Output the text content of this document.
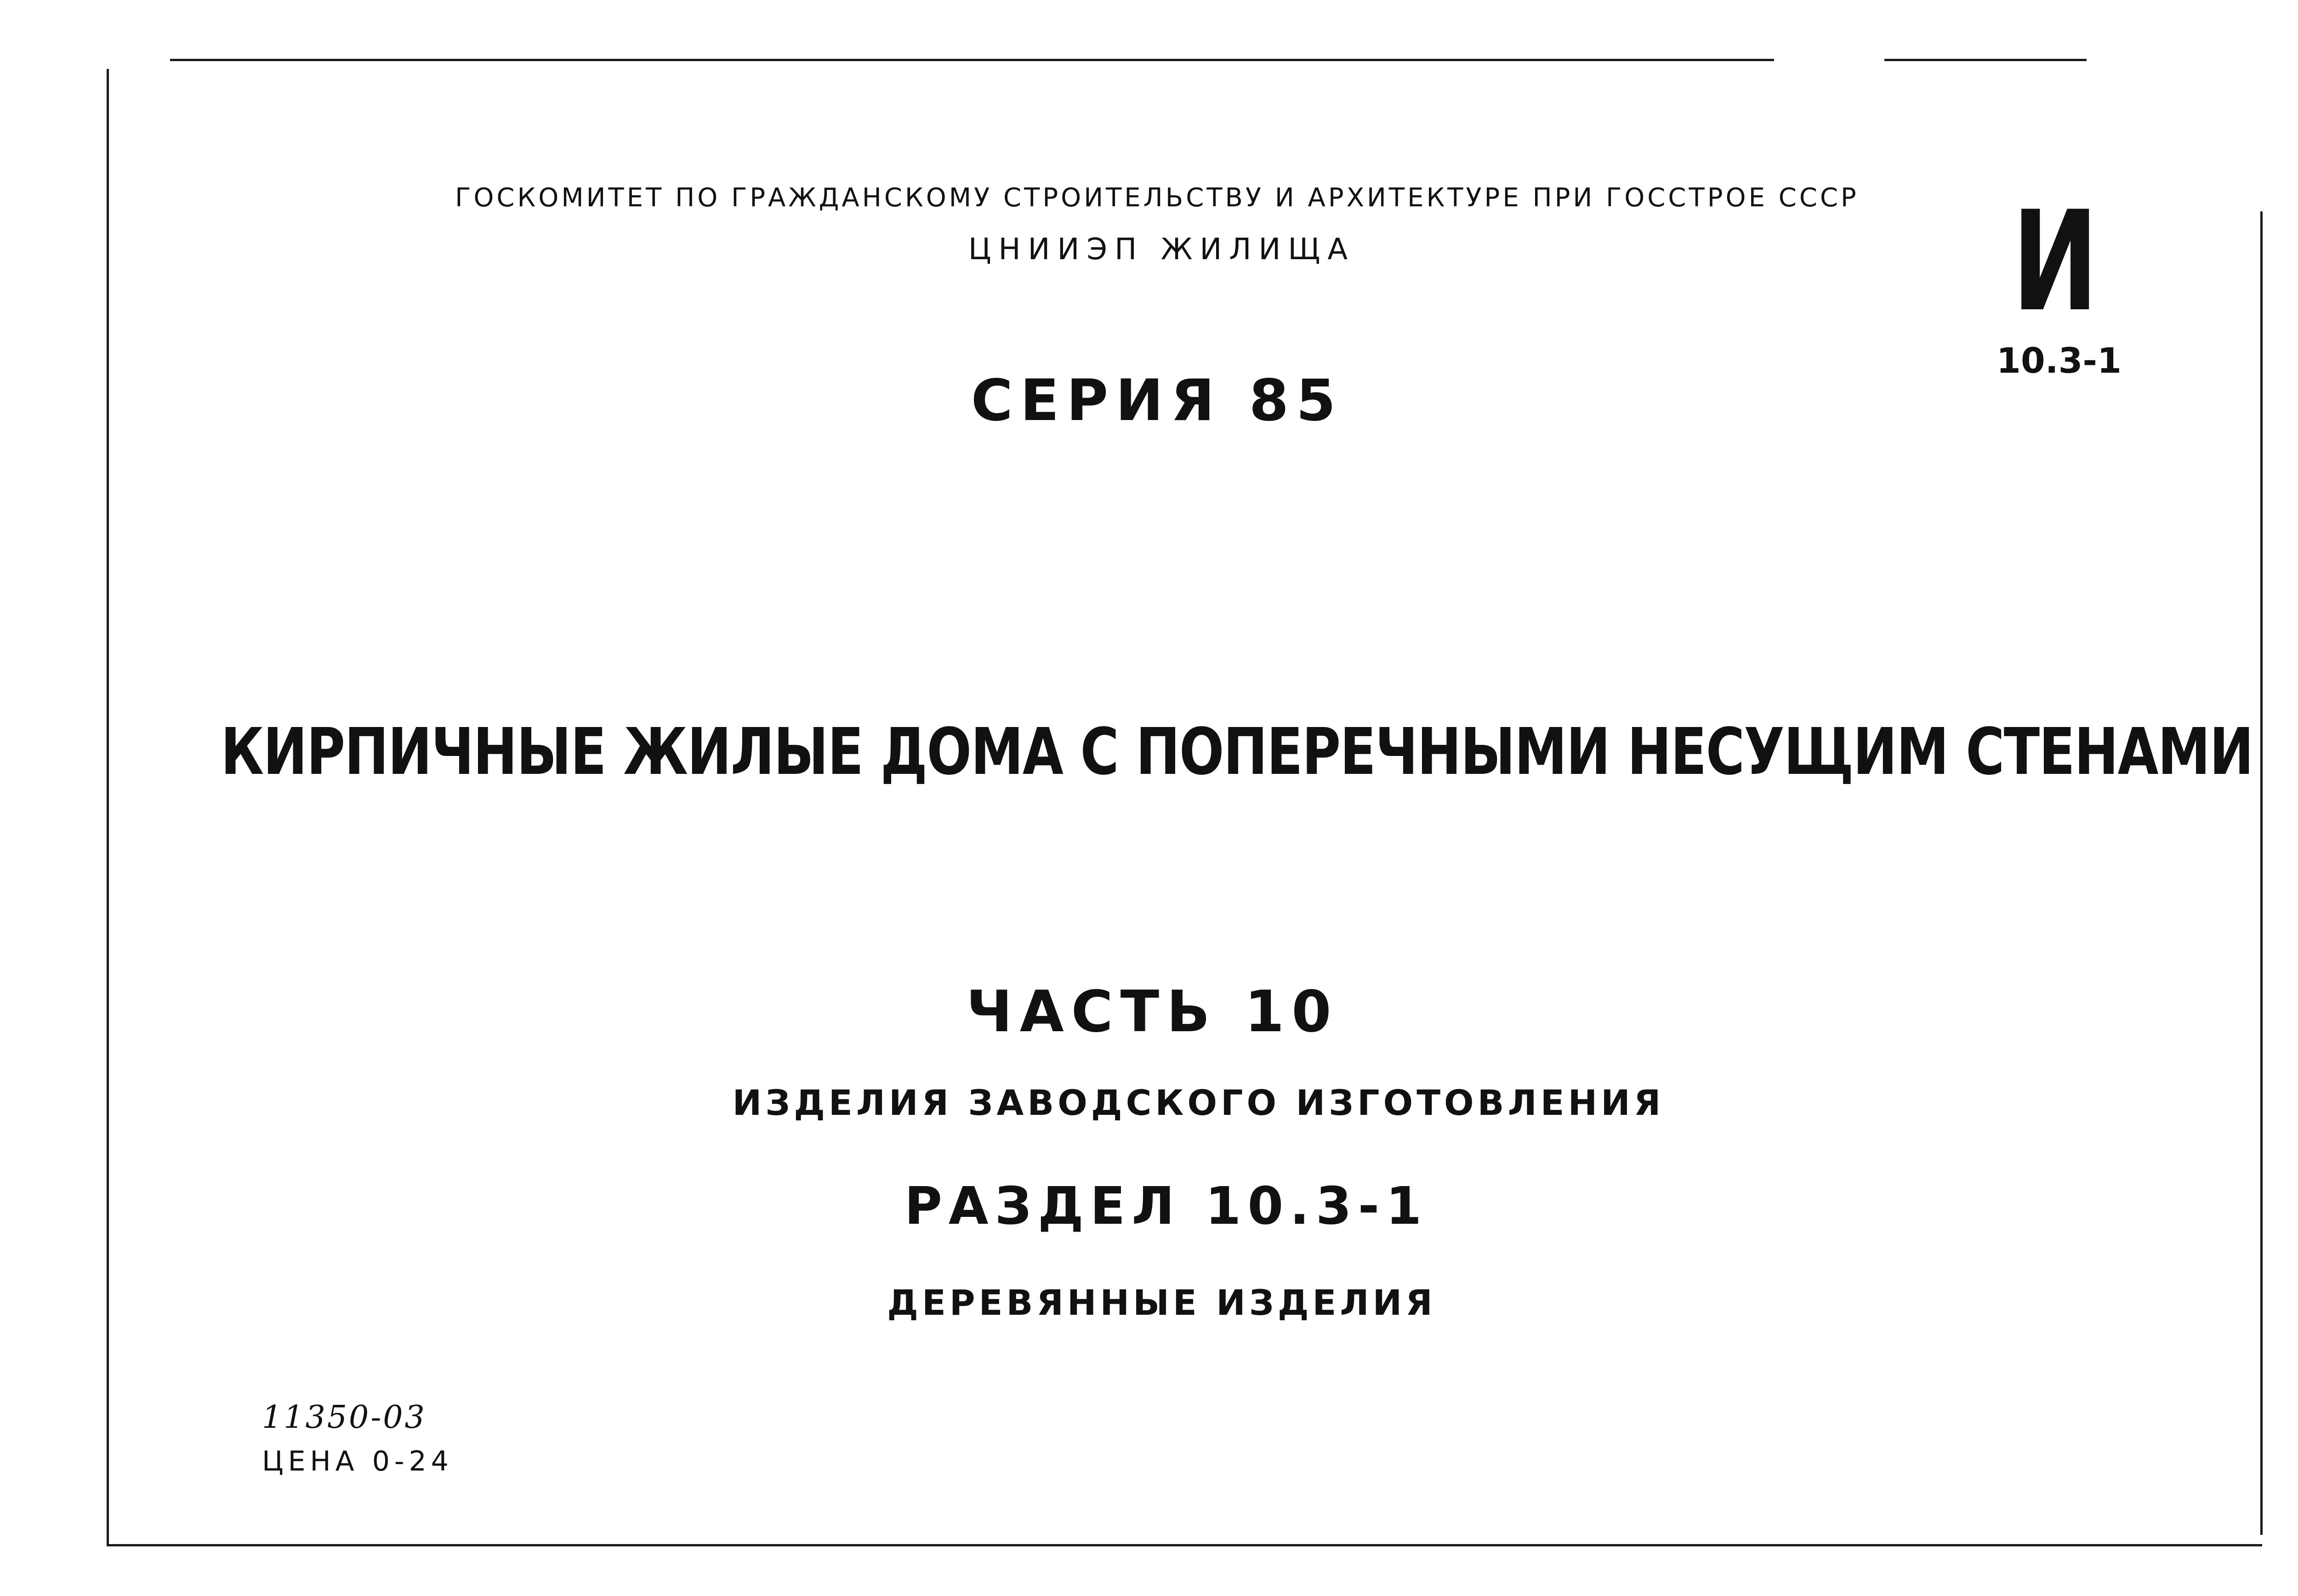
ГОСКОМИТЕТ ПО ГРАЖДАНСКОМУ СТРОИТЕЛЬСТВУ И АРХИТЕКТУРЕ ПРИ ГОССТРОЕ СССР
ЦНИИЭП ЖИЛИЩА
СЕРИЯ 85
И
10.3-1
КИРПИЧНЫЕ ЖИЛЫЕ ДОМА С ПОПЕРЕЧНЫМИ НЕСУЩИМ СТЕНАМИ
ЧАСТЬ 10
ИЗДЕЛИЯ ЗАВОДСКОГО ИЗГОТОВЛЕНИЯ
РАЗДЕЛ 10.3-1
ДЕРЕВЯННЫЕ ИЗДЕЛИЯ
11350-03
ЦЕНА 0-24
